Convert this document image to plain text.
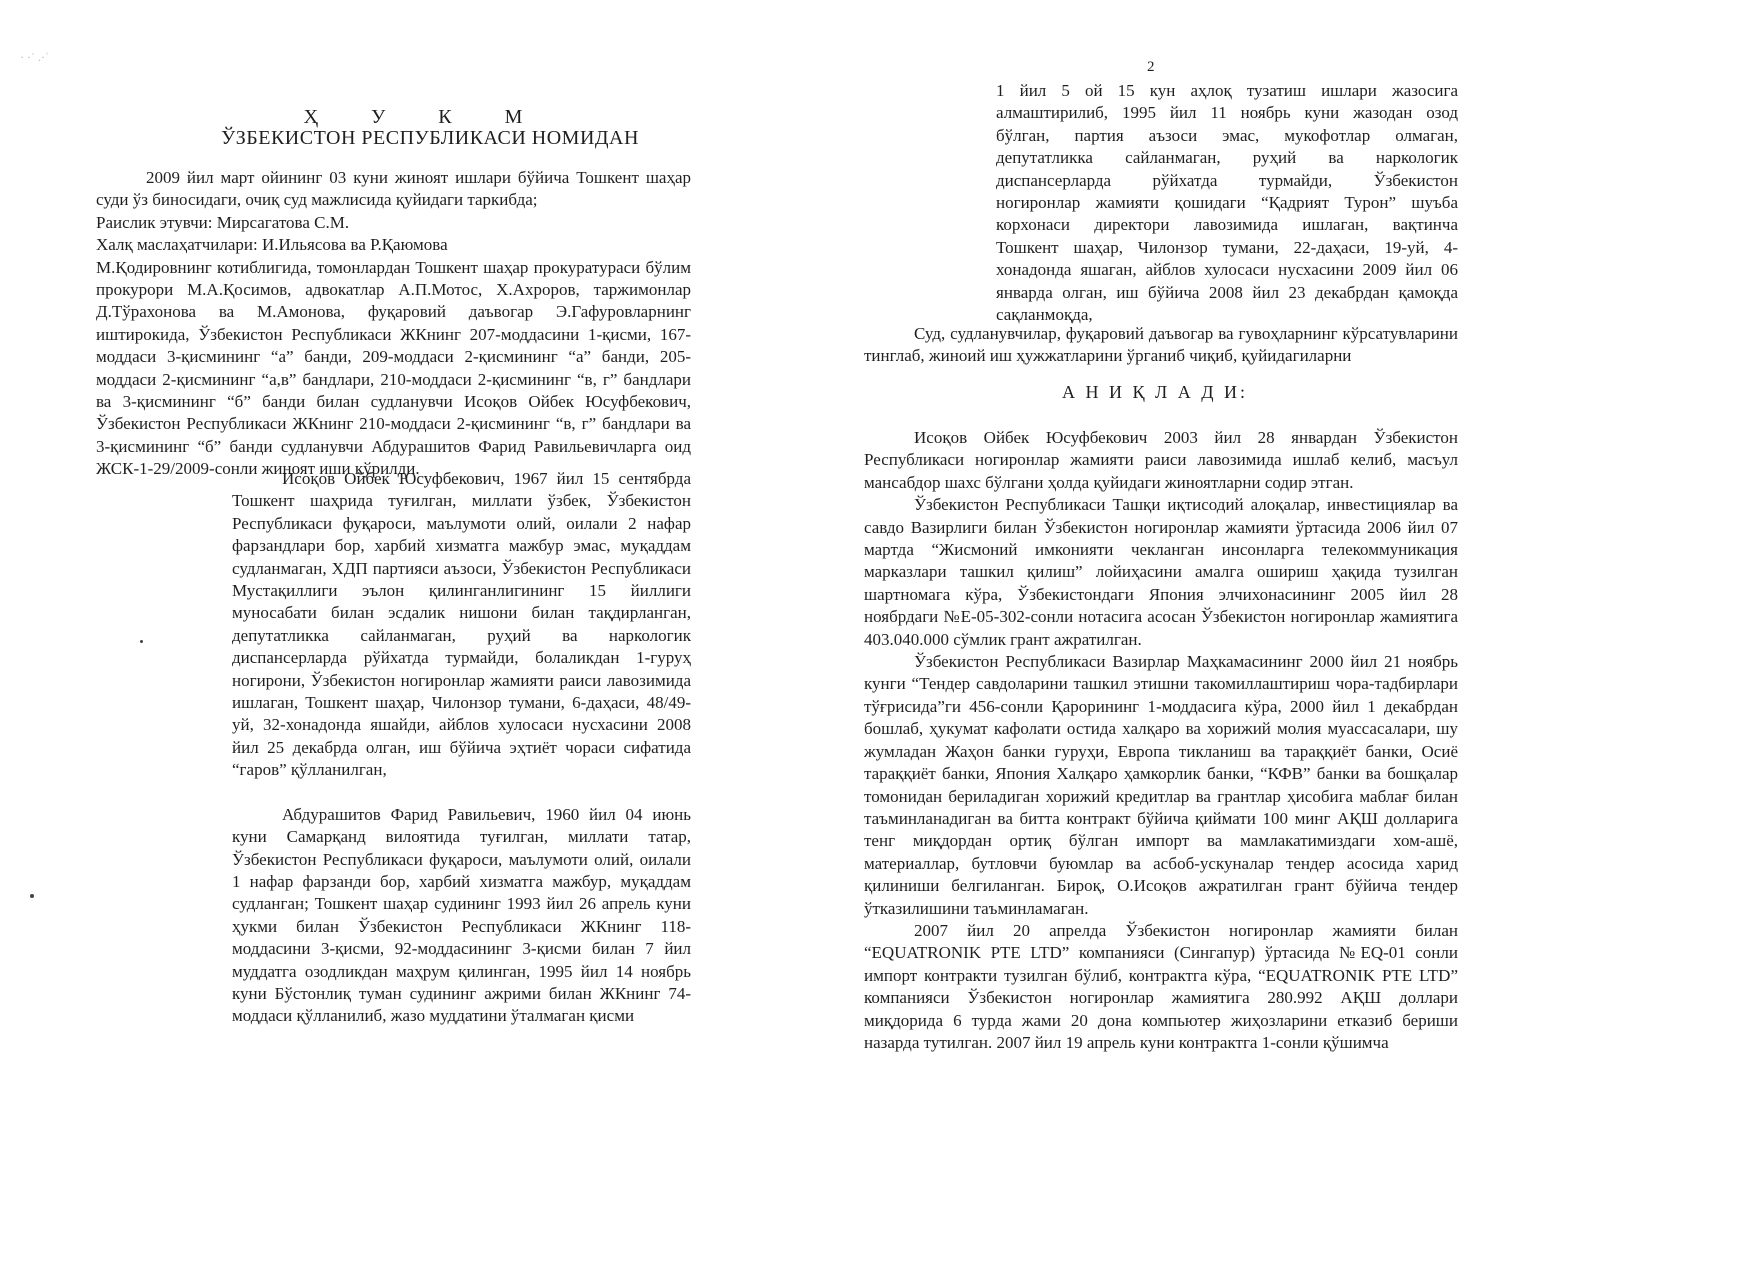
· ·˙ .·ˈ
Ҳ У К М
ЎЗБЕКИСТОН РЕСПУБЛИКАСИ НОМИДАН

2009 йил март ойининг 03 куни жиноят ишлари бўйича Тошкент шаҳар суди ўз биносидаги, очиқ суд мажлисида қуйидаги таркибда;

Раислик этувчи: Мирсагатова С.М.

Халқ маслаҳатчилари: И.Ильясова ва Р.Қаюмова

М.Қодировнинг котиблигида, томонлардан Тошкент шаҳар прокуратураси бўлим прокурори М.А.Қосимов, адвокатлар А.П.Мотос, Х.Ахроров, таржимонлар Д.Тўрахонова ва М.Амонова, фуқаровий даъвогар Э.Гафуровларнинг иштирокида, Ўзбекистон Республикаси ЖКнинг 207-моддасини 1-қисми, 167-моддаси 3-қисмининг “а” банди, 209-моддаси 2-қисмининг “а” банди, 205-моддаси 2-қисмининг “а,в” бандлари, 210-моддаси 2-қисмининг “в, г” бандлари ва 3-қисмининг “б” банди билан судланувчи Исоқов Ойбек Юсуфбекович, Ўзбекистон Республикаси ЖКнинг 210-моддаси 2-қисмининг “в, г” бандлари ва 3-қисмининг “б” банди судланувчи Абдурашитов Фарид Равильевичларга оид ЖСК-1-29/2009-сонли жиноят иши кўрилди.

Исоқов Ойбек Юсуфбекович, 1967 йил 15 сентябрда Тошкент шаҳрида туғилган, миллати ўзбек, Ўзбекистон Республикаси фуқароси, маълумоти олий, оилали 2 нафар фарзандлари бор, харбий хизматга мажбур эмас, муқаддам судланмаган, ХДП партияси аъзоси, Ўзбекистон Республикаси Мустақиллиги эълон қилинганлигининг 15 йиллиги муносабати билан эсдалик нишони билан тақдирланган, депутатликка сайланмаган, руҳий ва наркологик диспансерларда рўйхатда турмайди, болаликдан 1-гуруҳ ногирони, Ўзбекистон ногиронлар жамияти раиси лавозимида ишлаган, Тошкент шаҳар, Чилонзор тумани, 6-даҳаси, 48/49-уй, 32-хонадонда яшайди, айблов хулосаси нусхасини 2008 йил 25 декабрда олган, иш бўйича эҳтиёт чораси сифатида “гаров” қўлланилган,

Абдурашитов Фарид Равильевич, 1960 йил 04 июнь куни Самарқанд вилоятида туғилган, миллати татар, Ўзбекистон Республикаси фуқароси, маълумоти олий, оилали 1 нафар фарзанди бор, харбий хизматга мажбур, муқаддам судланган; Тошкент шаҳар судининг 1993 йил 26 апрель куни ҳукми билан Ўзбекистон Республикаси ЖКнинг 118-моддасини 3-қисми, 92-моддасининг 3-қисми билан 7 йил муддатга озодликдан маҳрум қилинган, 1995 йил 14 ноябрь куни Бўстонлиқ туман судининг ажрими билан ЖКнинг 74-моддаси қўлланилиб, жазо муддатини ўталмаган қисми

2
1 йил 5 ой 15 кун аҳлоқ тузатиш ишлари жазосига
алмаштирилиб, 1995 йил 11 ноябрь куни жазодан озод
бўлган, партия аъзоси эмас, мукофотлар олмаган,
депутатликка сайланмаган, руҳий ва наркологик
диспансерларда рўйхатда турмайди, Ўзбекистон
ногиронлар жамияти қошидаги “Қадрият Турон” шуъба
корхонаси директори лавозимида ишлаган, вақтинча
Тошкент шаҳар, Чилонзор тумани, 22-даҳаси, 19-уй, 4-
хонадонда яшаган, айблов хулосаси нусхасини 2009 йил 06
январда олган, иш бўйича 2008 йил 23 декабрдан қамоқда
сақланмоқда,

Суд, судланувчилар, фуқаровий даъвогар ва гувоҳларнинг кўрсатувларини тинглаб, жиноий иш ҳужжатларини ўрганиб чиқиб, қуйидагиларни

А Н И Қ Л А Д И:

Исоқов Ойбек Юсуфбекович 2003 йил 28 январдан Ўзбекистон Республикаси ногиронлар жамияти раиси лавозимида ишлаб келиб, масъул мансабдор шахс бўлгани ҳолда қуйидаги жиноятларни содир этган.

Ўзбекистон Республикаси Ташқи иқтисодий алоқалар, инвестициялар ва савдо Вазирлиги билан Ўзбекистон ногиронлар жамияти ўртасида 2006 йил 07 мартда “Жисмоний имконияти чекланган инсонларга телекоммуникация марказлари ташкил қилиш” лойиҳасини амалга ошириш ҳақида тузилган шартномага кўра, Ўзбекистондаги Япония элчихонасининг 2005 йил 28 ноябрдаги №Е-05-302-сонли нотасига асосан Ўзбекистон ногиронлар жамиятига 403.040.000 сўмлик грант ажратилган.

Ўзбекистон Республикаси Вазирлар Маҳкамасининг 2000 йил 21 ноябрь кунги “Тендер савдоларини ташкил этишни такомиллаштириш чора-тадбирлари тўғрисида”ги 456-сонли Қарорининг 1-моддасига кўра, 2000 йил 1 декабрдан бошлаб, ҳукумат кафолати остида халқаро ва хорижий молия муассасалари, шу жумладан Жаҳон банки гуруҳи, Европа тикланиш ва тараққиёт банки, Осиё тараққиёт банки, Япония Халқаро ҳамкорлик банки, “КФВ” банки ва бошқалар томонидан бериладиган хорижий кредитлар ва грантлар ҳисобига маблағ билан таъминланадиган ва битта контракт бўйича қиймати 100 минг АҚШ долларига тенг миқдордан ортиқ бўлган импорт ва мамлакатимиздаги хом-ашё, материаллар, бутловчи буюмлар ва асбоб-ускуналар тендер асосида харид қилиниши белгиланган. Бироқ, О.Исоқов ажратилган грант бўйича тендер ўтказилишини таъминламаган.

2007 йил 20 апрелда Ўзбекистон ногиронлар жамияти билан “EQUATRONIK PTE LTD” компанияси (Сингапур) ўртасида №EQ-01 сонли импорт контракти тузилган бўлиб, контрактга кўра, “EQUATRONIK PTE LTD” компанияси Ўзбекистон ногиронлар жамиятига 280.992 АҚШ доллари миқдорида 6 турда жами 20 дона компьютер жиҳозларини етказиб бериши назарда тутилган. 2007 йил 19 апрель куни контрактга 1-сонли қўшимча
